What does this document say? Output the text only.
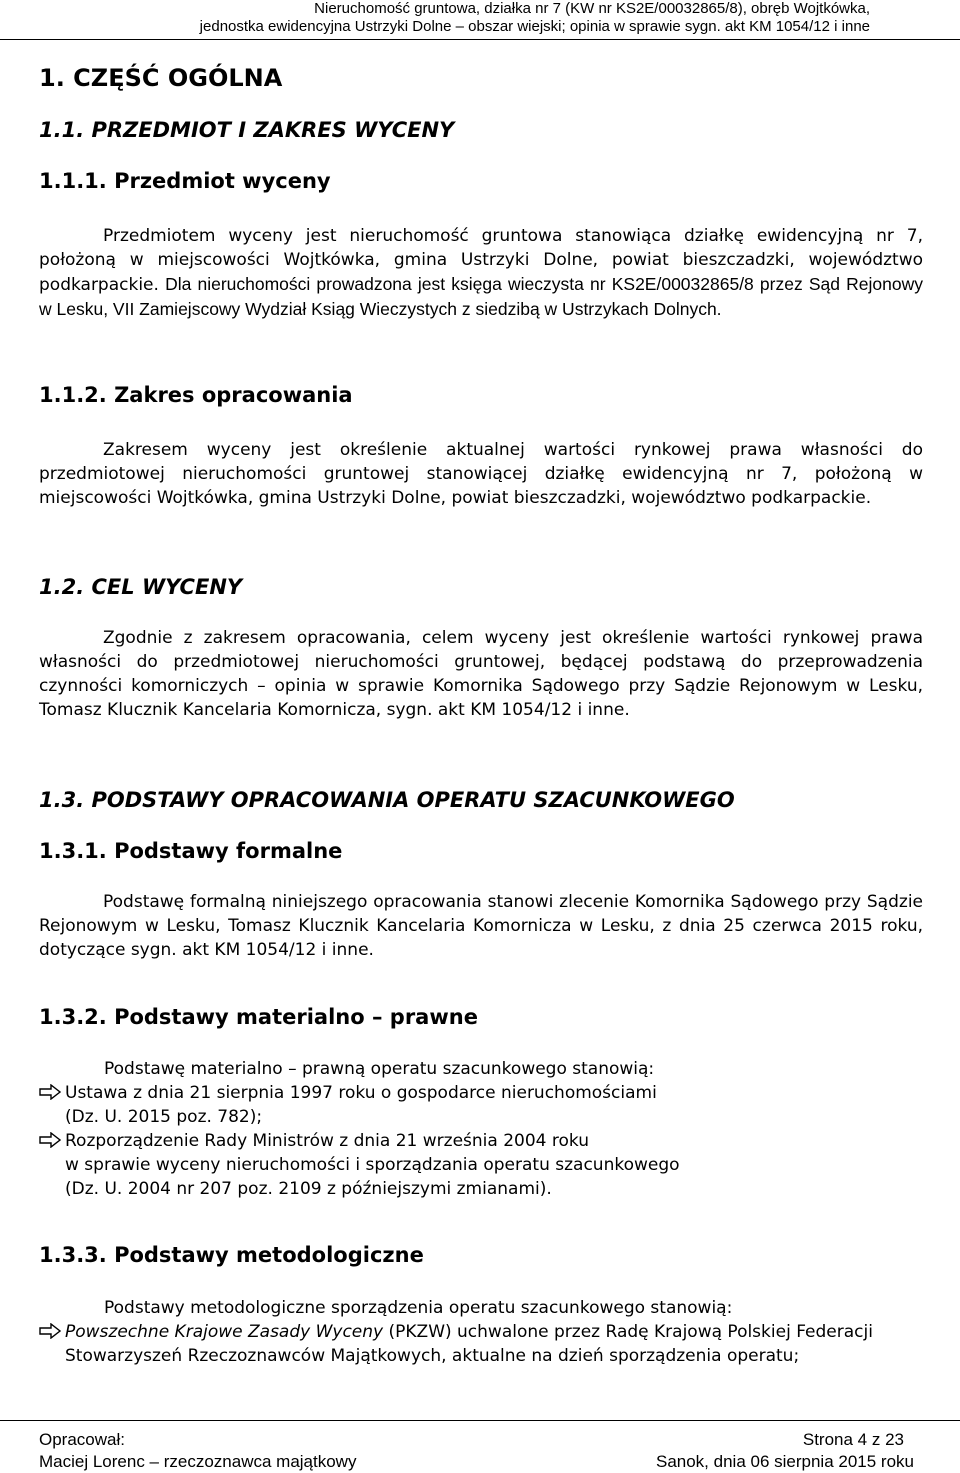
Nieruchomość gruntowa, działka nr 7 (KW nr KS2E/00032865/8), obręb Wojtkówka,
jednostka ewidencyjna Ustrzyki Dolne – obszar wiejski; opinia w sprawie sygn. akt KM 1054/12 i inne
1. CZĘŚĆ OGÓLNA
1.1. PRZEDMIOT I ZAKRES WYCENY
1.1.1. Przedmiot wyceny

Przedmiotem wyceny jest nieruchomość gruntowa stanowiąca działkę ewidencyjną nr 7, położoną w miejscowości Wojtkówka, gmina Ustrzyki Dolne, powiat bieszczadzki, województwo podkarpackie. Dla nieruchomości prowadzona jest księga wieczysta nr KS2E/00032865/8 przez Sąd Rejonowy w Lesku, VII Zamiejscowy Wydział Ksiąg Wieczystych z siedzibą w Ustrzykach Dolnych.

1.1.2. Zakres opracowania

Zakresem wyceny jest określenie aktualnej wartości rynkowej prawa własności do przedmiotowej nieruchomości gruntowej stanowiącej działkę ewidencyjną nr 7, położoną w miejscowości Wojtkówka, gmina Ustrzyki Dolne, powiat bieszczadzki, województwo podkarpackie.

1.2. CEL WYCENY

Zgodnie z zakresem opracowania, celem wyceny jest określenie wartości rynkowej prawa własności do przedmiotowej nieruchomości gruntowej, będącej podstawą do przeprowadzenia czynności komorniczych – opinia w sprawie Komornika Sądowego przy Sądzie Rejonowym w Lesku, Tomasz Klucznik Kancelaria Komornicza, sygn. akt KM 1054/12 i inne.

1.3. PODSTAWY OPRACOWANIA OPERATU SZACUNKOWEGO
1.3.1. Podstawy formalne

Podstawę formalną niniejszego opracowania stanowi zlecenie Komornika Sądowego przy Sądzie Rejonowym w Lesku, Tomasz Klucznik Kancelaria Komornicza w Lesku, z dnia 25 czerwca 2015 roku, dotyczące sygn. akt KM 1054/12 i inne.

1.3.2. Podstawy materialno – prawne

Podstawę materialno – prawną operatu szacunkowego stanowią:

Ustawa z dnia 21 sierpnia 1997 roku o gospodarce nieruchomościami
(Dz. U. 2015 poz. 782);
Rozporządzenie Rady Ministrów z dnia 21 września 2004 roku
w sprawie wyceny nieruchomości i sporządzania operatu szacunkowego
(Dz. U. 2004 nr 207 poz. 2109 z późniejszymi zmianami).
1.3.3. Podstawy metodologiczne

Podstawy metodologiczne sporządzenia operatu szacunkowego stanowią:

Powszechne Krajowe Zasady Wyceny (PKZW) uchwalone przez Radę Krajową Polskiej Federacji Stowarzyszeń Rzeczoznawców Majątkowych, aktualne na dzień sporządzenia operatu;
Opracował:
Maciej Lorenc – rzeczoznawca majątkowy
Strona 4 z 23
Sanok, dnia 06 sierpnia 2015 roku
